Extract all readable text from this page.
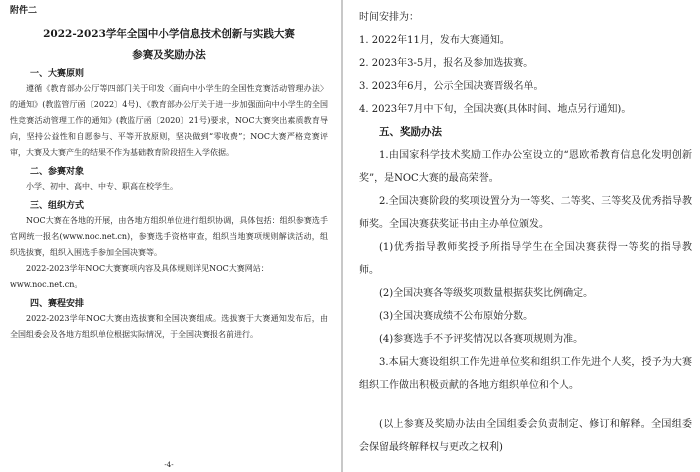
附件二
2022-2023学年全国中小学信息技术创新与实践大赛
参赛及奖励办法
一、大赛原则

遵循《教育部办公厅等四部门关于印发〈面向中小学生的全国性竞赛活动管理办法〉的通知》(教监管厅函〔2022〕4号)、《教育部办公厅关于进一步加强面向中小学生的全国性竞赛活动管理工作的通知》(教监厅函〔2020〕21号)要求，NOC大赛突出素质教育导向，坚持公益性和自愿参与、平等开放原则，坚决做到“零收费”；NOC大赛严格竞赛评审，大赛及大赛产生的结果不作为基础教育阶段招生入学依据。

二、参赛对象

小学、初中、高中、中专、职高在校学生。

三、组织方式

NOC大赛在各地的开展，由各地方组织单位进行组织协调，具体包括：组织参赛选手官网统一报名(www.noc.net.cn)，参赛选手资格审查，组织当地赛项规则解读活动，组织选拔赛，组织入围选手参加全国决赛等。

2022-2023学年NOC大赛赛项内容及具体规则详见NOC大赛网站：

www.noc.net.cn。

四、赛程安排

2022-2023学年NOC大赛由选拔赛和全国决赛组成。选拔赛于大赛通知发布后，由全国组委会及各地方组织单位根据实际情况，于全国决赛报名前进行。

-4-
时间安排为：
1. 2022年11月，发布大赛通知。
2. 2023年3-5月，报名及参加选拔赛。
3. 2023年6月，公示全国决赛晋级名单。
4. 2023年7月中下旬，全国决赛(具体时间、地点另行通知)。
五、奖励办法

1.由国家科学技术奖励工作办公室设立的“恩欧希教育信息化发明创新奖”，是NOC大赛的最高荣誉。

2.全国决赛阶段的奖项设置分为一等奖、二等奖、三等奖及优秀指导教师奖。全国决赛获奖证书由主办单位颁发。

(1)优秀指导教师奖授予所指导学生在全国决赛获得一等奖的指导教师。

(2)全国决赛各等级奖项数量根据获奖比例确定。

(3)全国决赛成绩不公布原始分数。

(4)参赛选手不予评奖情况以各赛项规则为准。

3.本届大赛设组织工作先进单位奖和组织工作先进个人奖，授予为大赛组织工作做出积极贡献的各地方组织单位和个人。

(以上参赛及奖励办法由全国组委会负责制定、修订和解释。全国组委会保留最终解释权与更改之权利)
